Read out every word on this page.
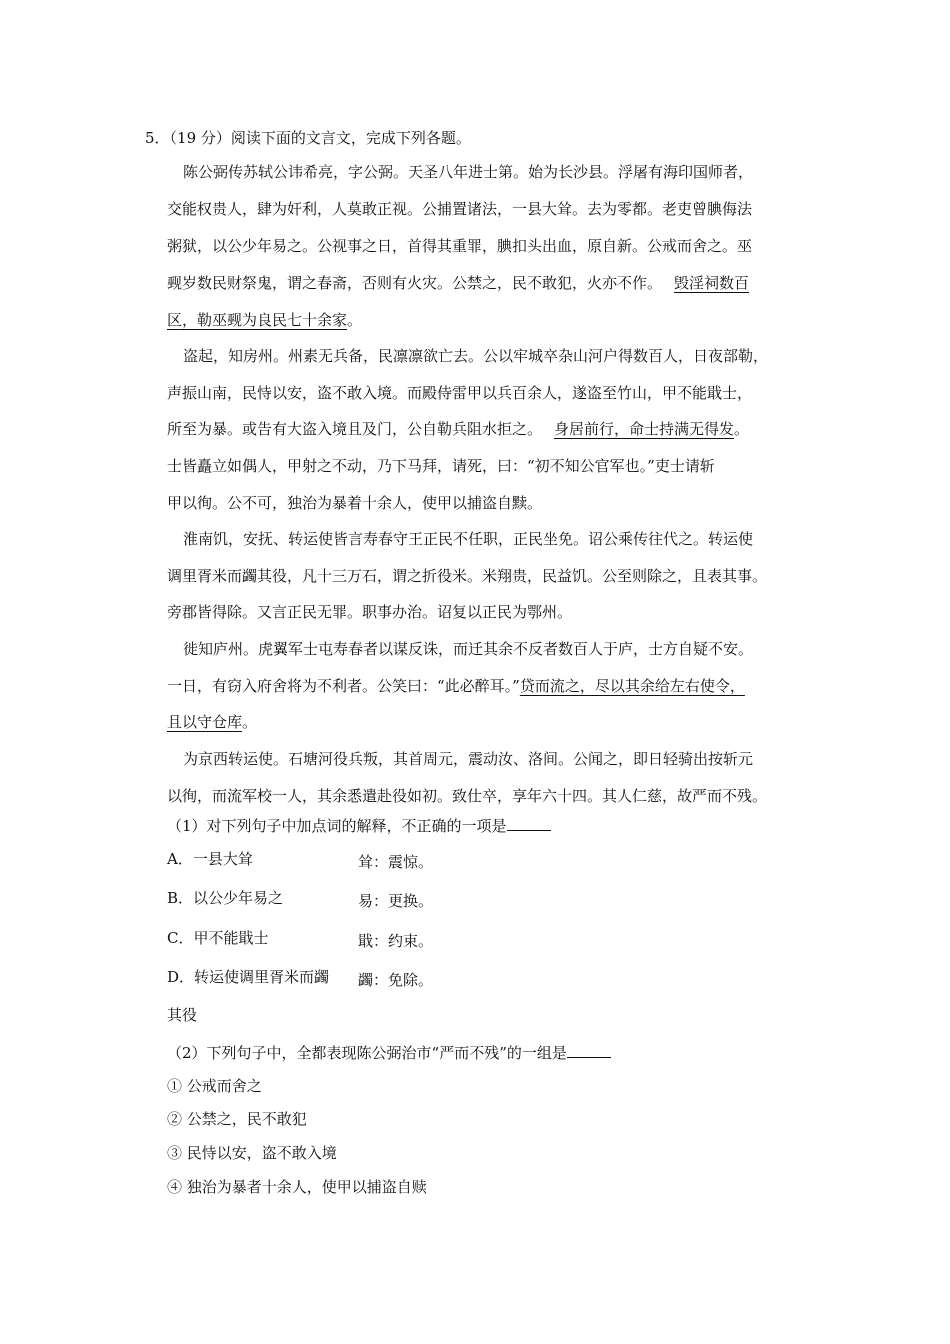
5．（19 分）阅读下面的文言文，完成下列各题。
陈公弼传苏轼公讳希亮，字公弼。天圣八年进士第。始为长沙县。浮屠有海印国师者，
交能权贵人，肆为奸利，人莫敢正视。公捕置诸法，一县大耸。去为零都。老吏曾腆侮法
粥狱，以公少年易之。公视事之日，首得其重罪，腆扣头出血，原自新。公戒而舍之。巫
觋岁数民财祭鬼，谓之春斋，否则有火灾。公禁之，民不敢犯，火亦不作。 毁淫祠数百
区，勒巫觋为良民七十余家。
盗起，知房州。州素无兵备，民凛凛欲亡去。公以牢城卒杂山河户得数百人，日夜部勒，
声振山南，民恃以安，盗不敢入境。而殿侍雷甲以兵百余人，遂盗至竹山，甲不能戢士，
所至为暴。或告有大盗入境且及门，公自勒兵阻水拒之。 身居前行，命士持满无得发。
士皆矗立如偶人，甲射之不动，乃下马拜，请死，曰：“初不知公官军也。”吏士请斩
甲以徇。公不可，独治为暴着十余人，使甲以捕盗自黩。
淮南饥，安抚、转运使皆言寿春守王正民不任职，正民坐免。诏公乘传往代之。转运使
调里胥米而蠲其役，凡十三万石，谓之折役米。米翔贵，民益饥。公至则除之，且表其事。
旁郡皆得除。又言正民无罪。职事办治。诏复以正民为鄂州。
徙知庐州。虎翼军士屯寿春者以谋反诛，而迁其余不反者数百人于庐，士方自疑不安。
一日，有窃入府舍将为不利者。公笑曰：“此必醉耳。”贷而流之，尽以其余给左右使令，
且以守仓库。
为京西转运使。石塘河役兵叛，其首周元，震动汝、洛间。公闻之，即日轻骑出按斩元
以徇，而流军校一人，其余悉遣赴役如初。致仕卒，享年六十四。其人仁慈，故严而不残。
（1）对下列句子中加点词的解释，不正确的一项是
A．一县大耸	耸：震惊。
B．以公少年易之	易：更换。
C．甲不能戢士	戢：约束。
D．转运使调里胥米而蠲 蠲：免除。
其役
（2）下列句子中，全都表现陈公弼治市“严而不残”的一组是
① 公戒而舍之
② 公禁之，民不敢犯
③ 民恃以安，盗不敢入境
④ 独治为暴者十余人，使甲以捕盗自赎
